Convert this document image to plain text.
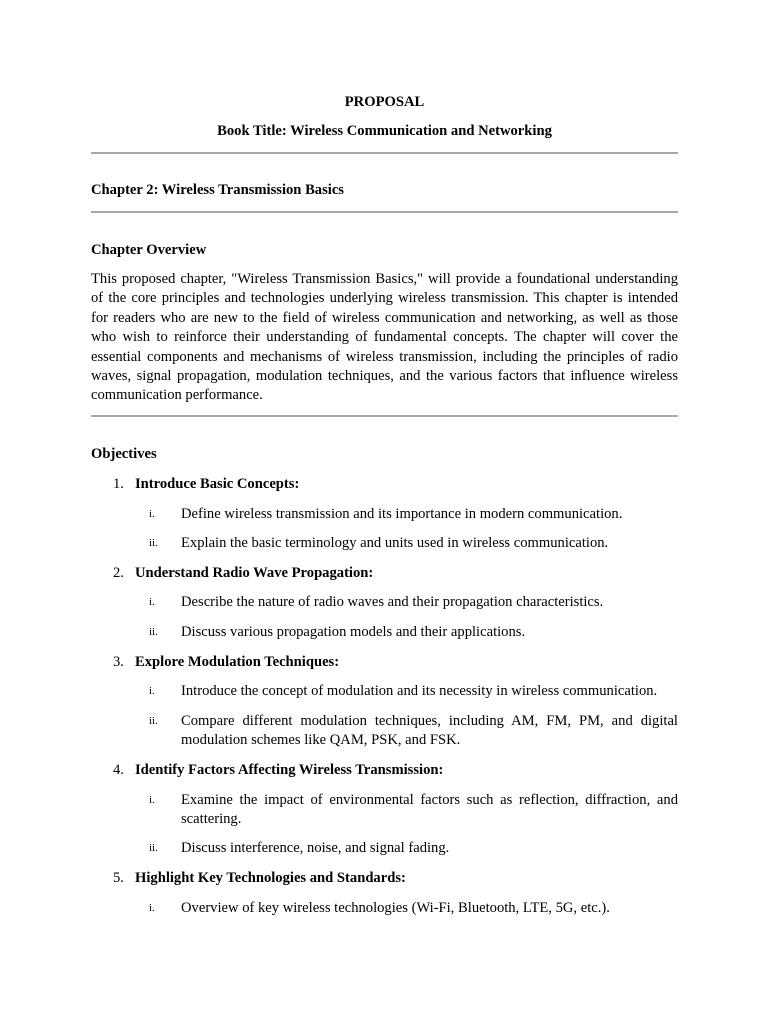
PROPOSAL
Book Title: Wireless Communication and Networking
Chapter 2: Wireless Transmission Basics
Chapter Overview
This proposed chapter, "Wireless Transmission Basics," will provide a foundational understanding of the core principles and technologies underlying wireless transmission. This chapter is intended for readers who are new to the field of wireless communication and networking, as well as those who wish to reinforce their understanding of fundamental concepts. The chapter will cover the essential components and mechanisms of wireless transmission, including the principles of radio waves, signal propagation, modulation techniques, and the various factors that influence wireless communication performance.
Objectives
1. Introduce Basic Concepts:
i.	Define wireless transmission and its importance in modern communication.
ii.	Explain the basic terminology and units used in wireless communication.
2. Understand Radio Wave Propagation:
i.	Describe the nature of radio waves and their propagation characteristics.
ii.	Discuss various propagation models and their applications.
3. Explore Modulation Techniques:
i.	Introduce the concept of modulation and its necessity in wireless communication.
ii.	Compare different modulation techniques, including AM, FM, PM, and digital modulation schemes like QAM, PSK, and FSK.
4. Identify Factors Affecting Wireless Transmission:
i.	Examine the impact of environmental factors such as reflection, diffraction, and scattering.
ii.	Discuss interference, noise, and signal fading.
5. Highlight Key Technologies and Standards:
i.	Overview of key wireless technologies (Wi-Fi, Bluetooth, LTE, 5G, etc.).
